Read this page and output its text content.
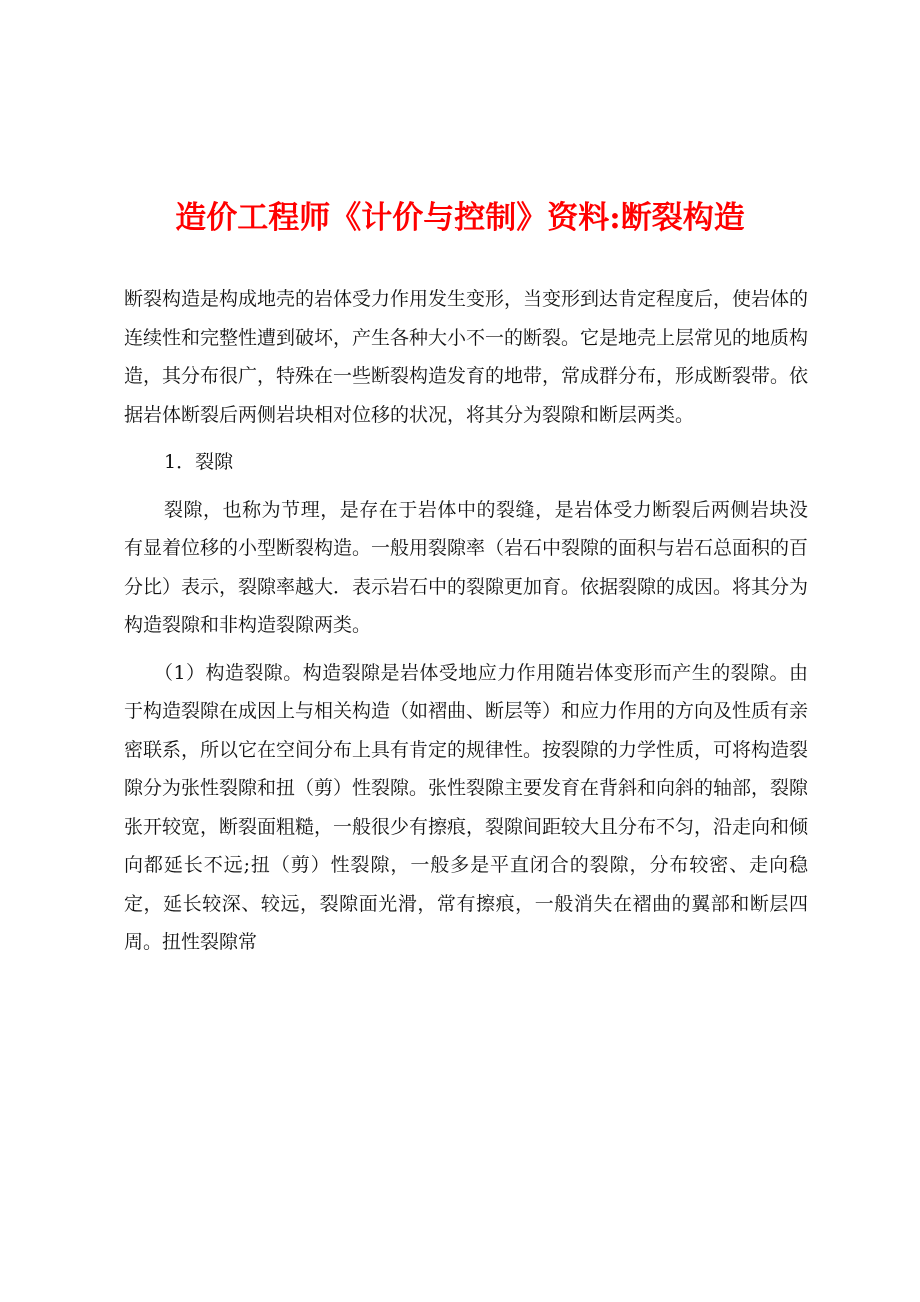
造价工程师《计价与控制》资料:断裂构造

断裂构造是构成地壳的岩体受力作用发生变形，当变形到达肯定程度后，使岩体的连续性和完整性遭到破坏，产生各种大小不一的断裂。它是地壳上层常见的地质构造，其分布很广，特殊在一些断裂构造发育的地带，常成群分布，形成断裂带。依据岩体断裂后两侧岩块相对位移的状况，将其分为裂隙和断层两类。

1．裂隙

裂隙，也称为节理，是存在于岩体中的裂缝，是岩体受力断裂后两侧岩块没有显着位移的小型断裂构造。一般用裂隙率（岩石中裂隙的面积与岩石总面积的百分比）表示，裂隙率越大．表示岩石中的裂隙更加育。依据裂隙的成因。将其分为构造裂隙和非构造裂隙两类。

（1）构造裂隙。构造裂隙是岩体受地应力作用随岩体变形而产生的裂隙。由于构造裂隙在成因上与相关构造（如褶曲、断层等）和应力作用的方向及性质有亲密联系，所以它在空间分布上具有肯定的规律性。按裂隙的力学性质，可将构造裂隙分为张性裂隙和扭（剪）性裂隙。张性裂隙主要发育在背斜和向斜的轴部，裂隙张开较宽，断裂面粗糙，一般很少有擦痕，裂隙间距较大且分布不匀，沿走向和倾向都延长不远;扭（剪）性裂隙，一般多是平直闭合的裂隙，分布较密、走向稳定，延长较深、较远，裂隙面光滑，常有擦痕，一般消失在褶曲的翼部和断层四周。扭性裂隙常
